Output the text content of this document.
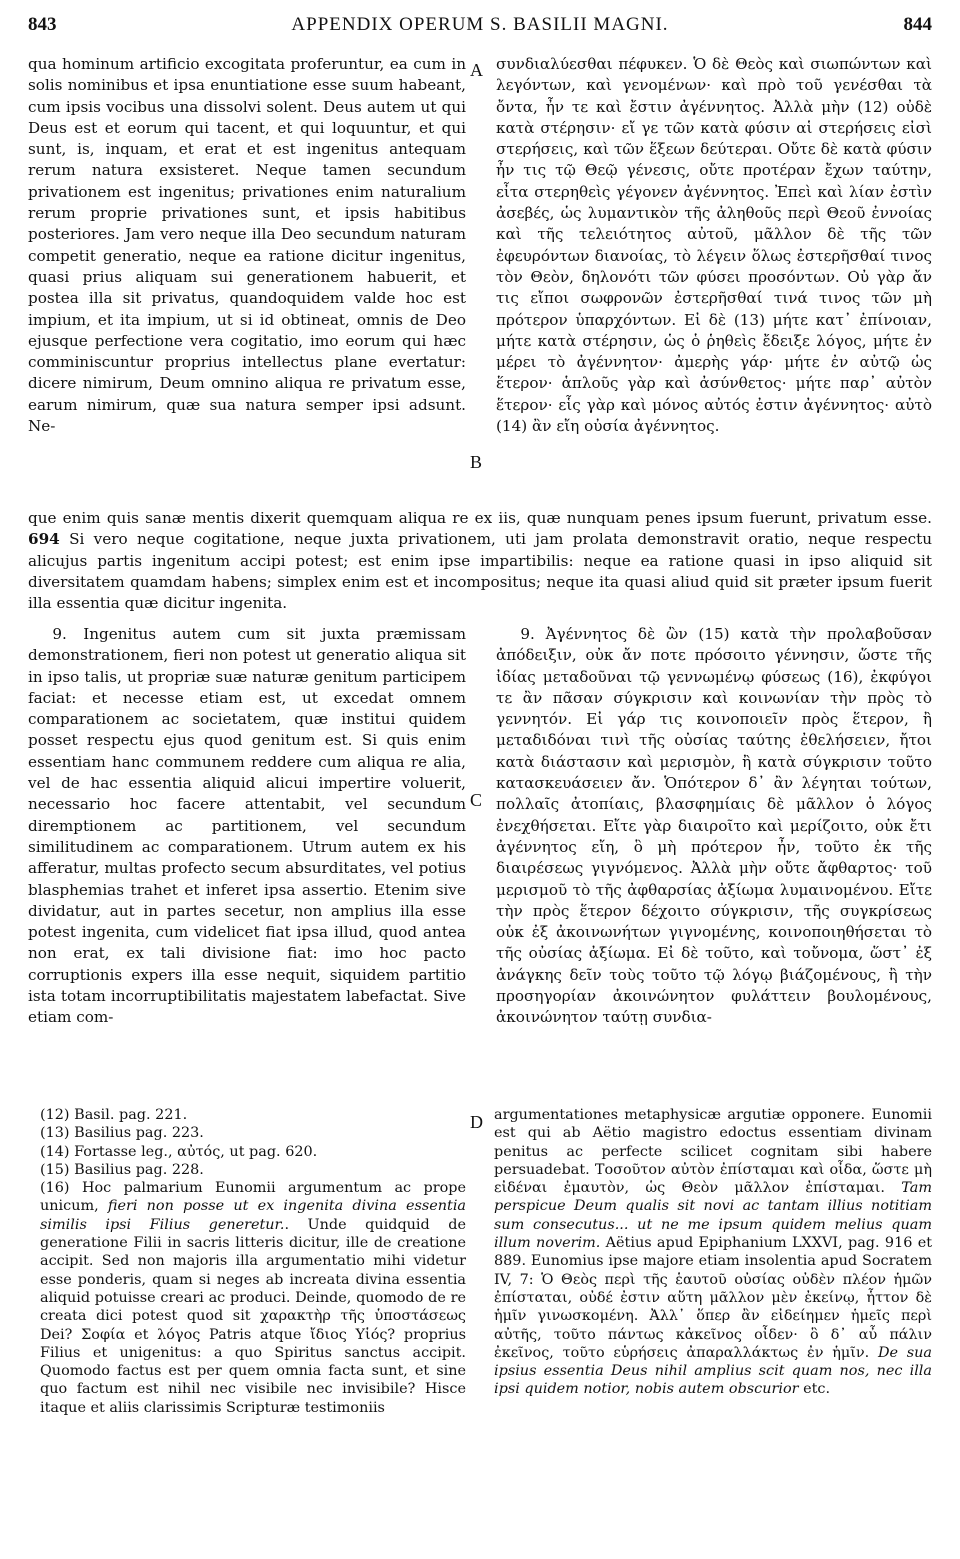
843	APPENDIX OPERUM S. BASILII MAGNI.	844
A
B
C
D

qua hominum artificio excogitata proferuntur, ea cum in solis nominibus et ipsa enuntiatione esse suum habeant, cum ipsis vocibus una dissolvi solent. Deus autem ut qui Deus est et eorum qui tacent, et qui loquuntur, et qui sunt, is, inquam, et erat et est ingenitus antequam rerum natura exsisteret. Neque tamen secundum privationem est ingenitus; privationes enim naturalium rerum proprie privationes sunt, et ipsis habitibus posteriores. Jam vero neque illa Deo secundum naturam competit generatio, neque ea ratione dicitur ingenitus, quasi prius aliquam sui generationem habuerit, et postea illa sit privatus, quandoquidem valde hoc est impium, et ita impium, ut si id obtineat, omnis de Deo ejusque perfectione vera cogitatio, imo eorum qui hæc comminiscuntur proprius intellectus plane evertatur: dicere nimirum, Deum omnino aliqua re privatum esse, earum nimirum, quæ sua natura semper ipsi adsunt. Ne-

συνδιαλύεσθαι πέφυκεν. Ὁ δὲ Θεὸς καὶ σιωπώντων καὶ λεγόντων, καὶ γενομένων· καὶ πρὸ τοῦ γενέσθαι τὰ ὄντα, ἦν τε καὶ ἔστιν ἀγέννητος. Ἀλλὰ μὴν (12) οὐδὲ κατὰ στέρησιν· εἴ γε τῶν κατὰ φύσιν αἱ στερήσεις εἰσὶ στερήσεις, καὶ τῶν ἕξεων δεύτεραι. Οὔτε δὲ κατὰ φύσιν ἦν τις τῷ Θεῷ γένεσις, οὔτε προτέραν ἔχων ταύτην, εἶτα στερηθεὶς γέγονεν ἀγέννητος. Ἐπεὶ καὶ λίαν ἐστὶν ἀσεβές, ὡς λυμαντικὸν τῆς ἀληθοῦς περὶ Θεοῦ ἐννοίας καὶ τῆς τελειότητος αὐτοῦ, μᾶλλον δὲ τῆς τῶν ἐφευρόντων διανοίας, τὸ λέγειν ὅλως ἐστερῆσθαί τινος τὸν Θεὸν, δηλονότι τῶν φύσει προσόντων. Οὐ γὰρ ἄν τις εἴποι σωφρονῶν ἐστερῆσθαί τινά τινος τῶν μὴ πρότερον ὑπαρχόντων. Εἰ δὲ (13) μήτε κατ᾽ ἐπίνοιαν, μήτε κατὰ στέρησιν, ὡς ὁ ῥηθεὶς ἔδειξε λόγος, μήτε ἐν μέρει τὸ ἀγέννητον· ἀμερὴς γάρ· μήτε ἐν αὐτῷ ὡς ἕτερον· ἁπλοῦς γὰρ καὶ ἀσύνθετος· μήτε παρ᾽ αὐτὸν ἕτερον· εἷς γὰρ καὶ μόνος αὐτός ἐστιν ἀγέννητος· αὐτὸ (14) ἂν εἴη οὐσία ἀγέννητος.

que enim quis sanæ mentis dixerit quemquam aliqua re ex iis, quæ nunquam penes ipsum fuerunt, privatum esse. 694 Si vero neque cogitatione, neque juxta privationem, uti jam prolata demonstravit oratio, neque respectu alicujus partis ingenitum accipi potest; est enim ipse impartibilis: neque ea ratione quasi in ipso aliquid sit diversitatem quamdam habens; simplex enim est et incompositus; neque ita quasi aliud quid sit præter ipsum fuerit illa essentia quæ dicitur ingenita.

9. Ingenitus autem cum sit juxta præmissam demonstrationem, fieri non potest ut generatio aliqua sit in ipso talis, ut propriæ suæ naturæ genitum participem faciat: et necesse etiam est, ut excedat omnem comparationem ac societatem, quæ institui quidem posset respectu ejus quod genitum est. Si quis enim essentiam hanc communem reddere cum aliqua re alia, vel de hac essentia aliquid alicui impertire voluerit, necessario hoc facere attentabit, vel secundum diremptionem ac partitionem, vel secundum similitudinem ac comparationem. Utrum autem ex his afferatur, multas profecto secum absurditates, vel potius blasphemias trahet et inferet ipsa assertio. Etenim sive dividatur, aut in partes secetur, non amplius illa esse potest ingenita, cum videlicet fiat ipsa illud, quod antea non erat, ex tali divisione fiat: imo hoc pacto corruptionis expers illa esse nequit, siquidem partitio ista totam incorruptibilitatis majestatem labefactat. Sive etiam com-

9. Ἀγέννητος δὲ ὢν (15) κατὰ τὴν προλαβοῦσαν ἀπόδειξιν, οὐκ ἄν ποτε πρόσοιτο γέννησιν, ὥστε τῆς ἰδίας μεταδοῦναι τῷ γεννωμένῳ φύσεως (16), ἐκφύγοι τε ἂν πᾶσαν σύγκρισιν καὶ κοινωνίαν τὴν πρὸς τὸ γεννητόν. Εἰ γάρ τις κοινοποιεῖν πρὸς ἕτερον, ἢ μεταδιδόναι τινὶ τῆς οὐσίας ταύτης ἐθελήσειεν, ἤτοι κατὰ διάστασιν καὶ μερισμὸν, ἢ κατὰ σύγκρισιν τοῦτο κατασκευάσειεν ἄν. Ὁπότερον δ᾽ ἂν λέγηται τούτων, πολλαῖς ἀτοπίαις, βλασφημίαις δὲ μᾶλλον ὁ λόγος ἐνεχθήσεται. Εἴτε γὰρ διαιροῖτο καὶ μερίζοιτο, οὐκ ἔτι ἀγέννητος εἴη, ὃ μὴ πρότερον ἦν, τοῦτο ἐκ τῆς διαιρέσεως γιγνόμενος. Ἀλλὰ μὴν οὔτε ἄφθαρτος· τοῦ μερισμοῦ τὸ τῆς ἀφθαρσίας ἀξίωμα λυμαινομένου. Εἴτε τὴν πρὸς ἕτερον δέχοιτο σύγκρισιν, τῆς συγκρίσεως οὐκ ἐξ ἀκοινωνήτων γιγνομένης, κοινοποιηθήσεται τὸ τῆς οὐσίας ἀξίωμα. Εἰ δὲ τοῦτο, καὶ τοὔνομα, ὥστ᾽ ἐξ ἀνάγκης δεῖν τοὺς τοῦτο τῷ λόγῳ βιάζομένους, ἢ τὴν προσηγορίαν ἀκοινώνητον φυλάττειν βουλομένους, ἀκοινώνητον ταύτῃ συνδια-

(12) Basil. pag. 221.

(13) Basilius pag. 223.

(14) Fortasse leg., αὐτός, ut pag. 620.

(15) Basilius pag. 228.

(16) Hoc palmarium Eunomii argumentum ac prope unicum, fieri non posse ut ex ingenita divina essentia similis ipsi Filius generetur.. Unde quidquid de generatione Filii in sacris litteris dicitur, ille de creatione accipit. Sed non majoris illa argumentatio mihi videtur esse ponderis, quam si neges ab increata divina essentia aliquid potuisse creari ac produci. Deinde, quomodo de re creata dici potest quod sit χαρακτὴρ τῆς ὑποστάσεως Dei? Σοφία et λόγος Patris atque ἴδιος Υἱός? proprius Filius et unigenitus: a quo Spiritus sanctus accipit. Quomodo factus est per quem omnia facta sunt, et sine quo factum est nihil nec visibile nec invisibile? Hisce itaque et aliis clarissimis Scripturæ testimoniis

argumentationes metaphysicæ argutiæ opponere. Eunomii est qui ab Aëtio magistro edoctus essentiam divinam penitus ac perfecte scilicet cognitam sibi habere persuadebat. Τοσοῦτον αὐτὸν ἐπίσταμαι καὶ οἶδα, ὥστε μὴ εἰδέναι ἐμαυτὸν, ὡς Θεὸν μᾶλλον ἐπίσταμαι. Tam perspicue Deum qualis sit novi ac tantam illius notitiam sum consecutus... ut ne me ipsum quidem melius quam illum noverim. Aëtius apud Epiphanium LXXVI, pag. 916 et 889. Eunomius ipse majore etiam insolentia apud Socratem IV, 7: Ὁ Θεὸς περὶ τῆς ἑαυτοῦ οὐσίας οὐδὲν πλέον ἡμῶν ἐπίσταται, οὐδέ ἐστιν αὕτη μᾶλλον μὲν ἐκείνῳ, ἧττον δὲ ἡμῖν γινωσκομένη. Ἀλλ᾽ ὅπερ ἂν εἰδείημεν ἡμεῖς περὶ αὐτῆς, τοῦτο πάντως κἀκεῖνος οἶδεν· ὃ δ᾽ αὖ πάλιν ἐκεῖνος, τοῦτο εὑρήσεις ἀπαραλλάκτως ἐν ἡμῖν. De sua ipsius essentia Deus nihil amplius scit quam nos, nec illa ipsi quidem notior, nobis autem obscurior etc.
